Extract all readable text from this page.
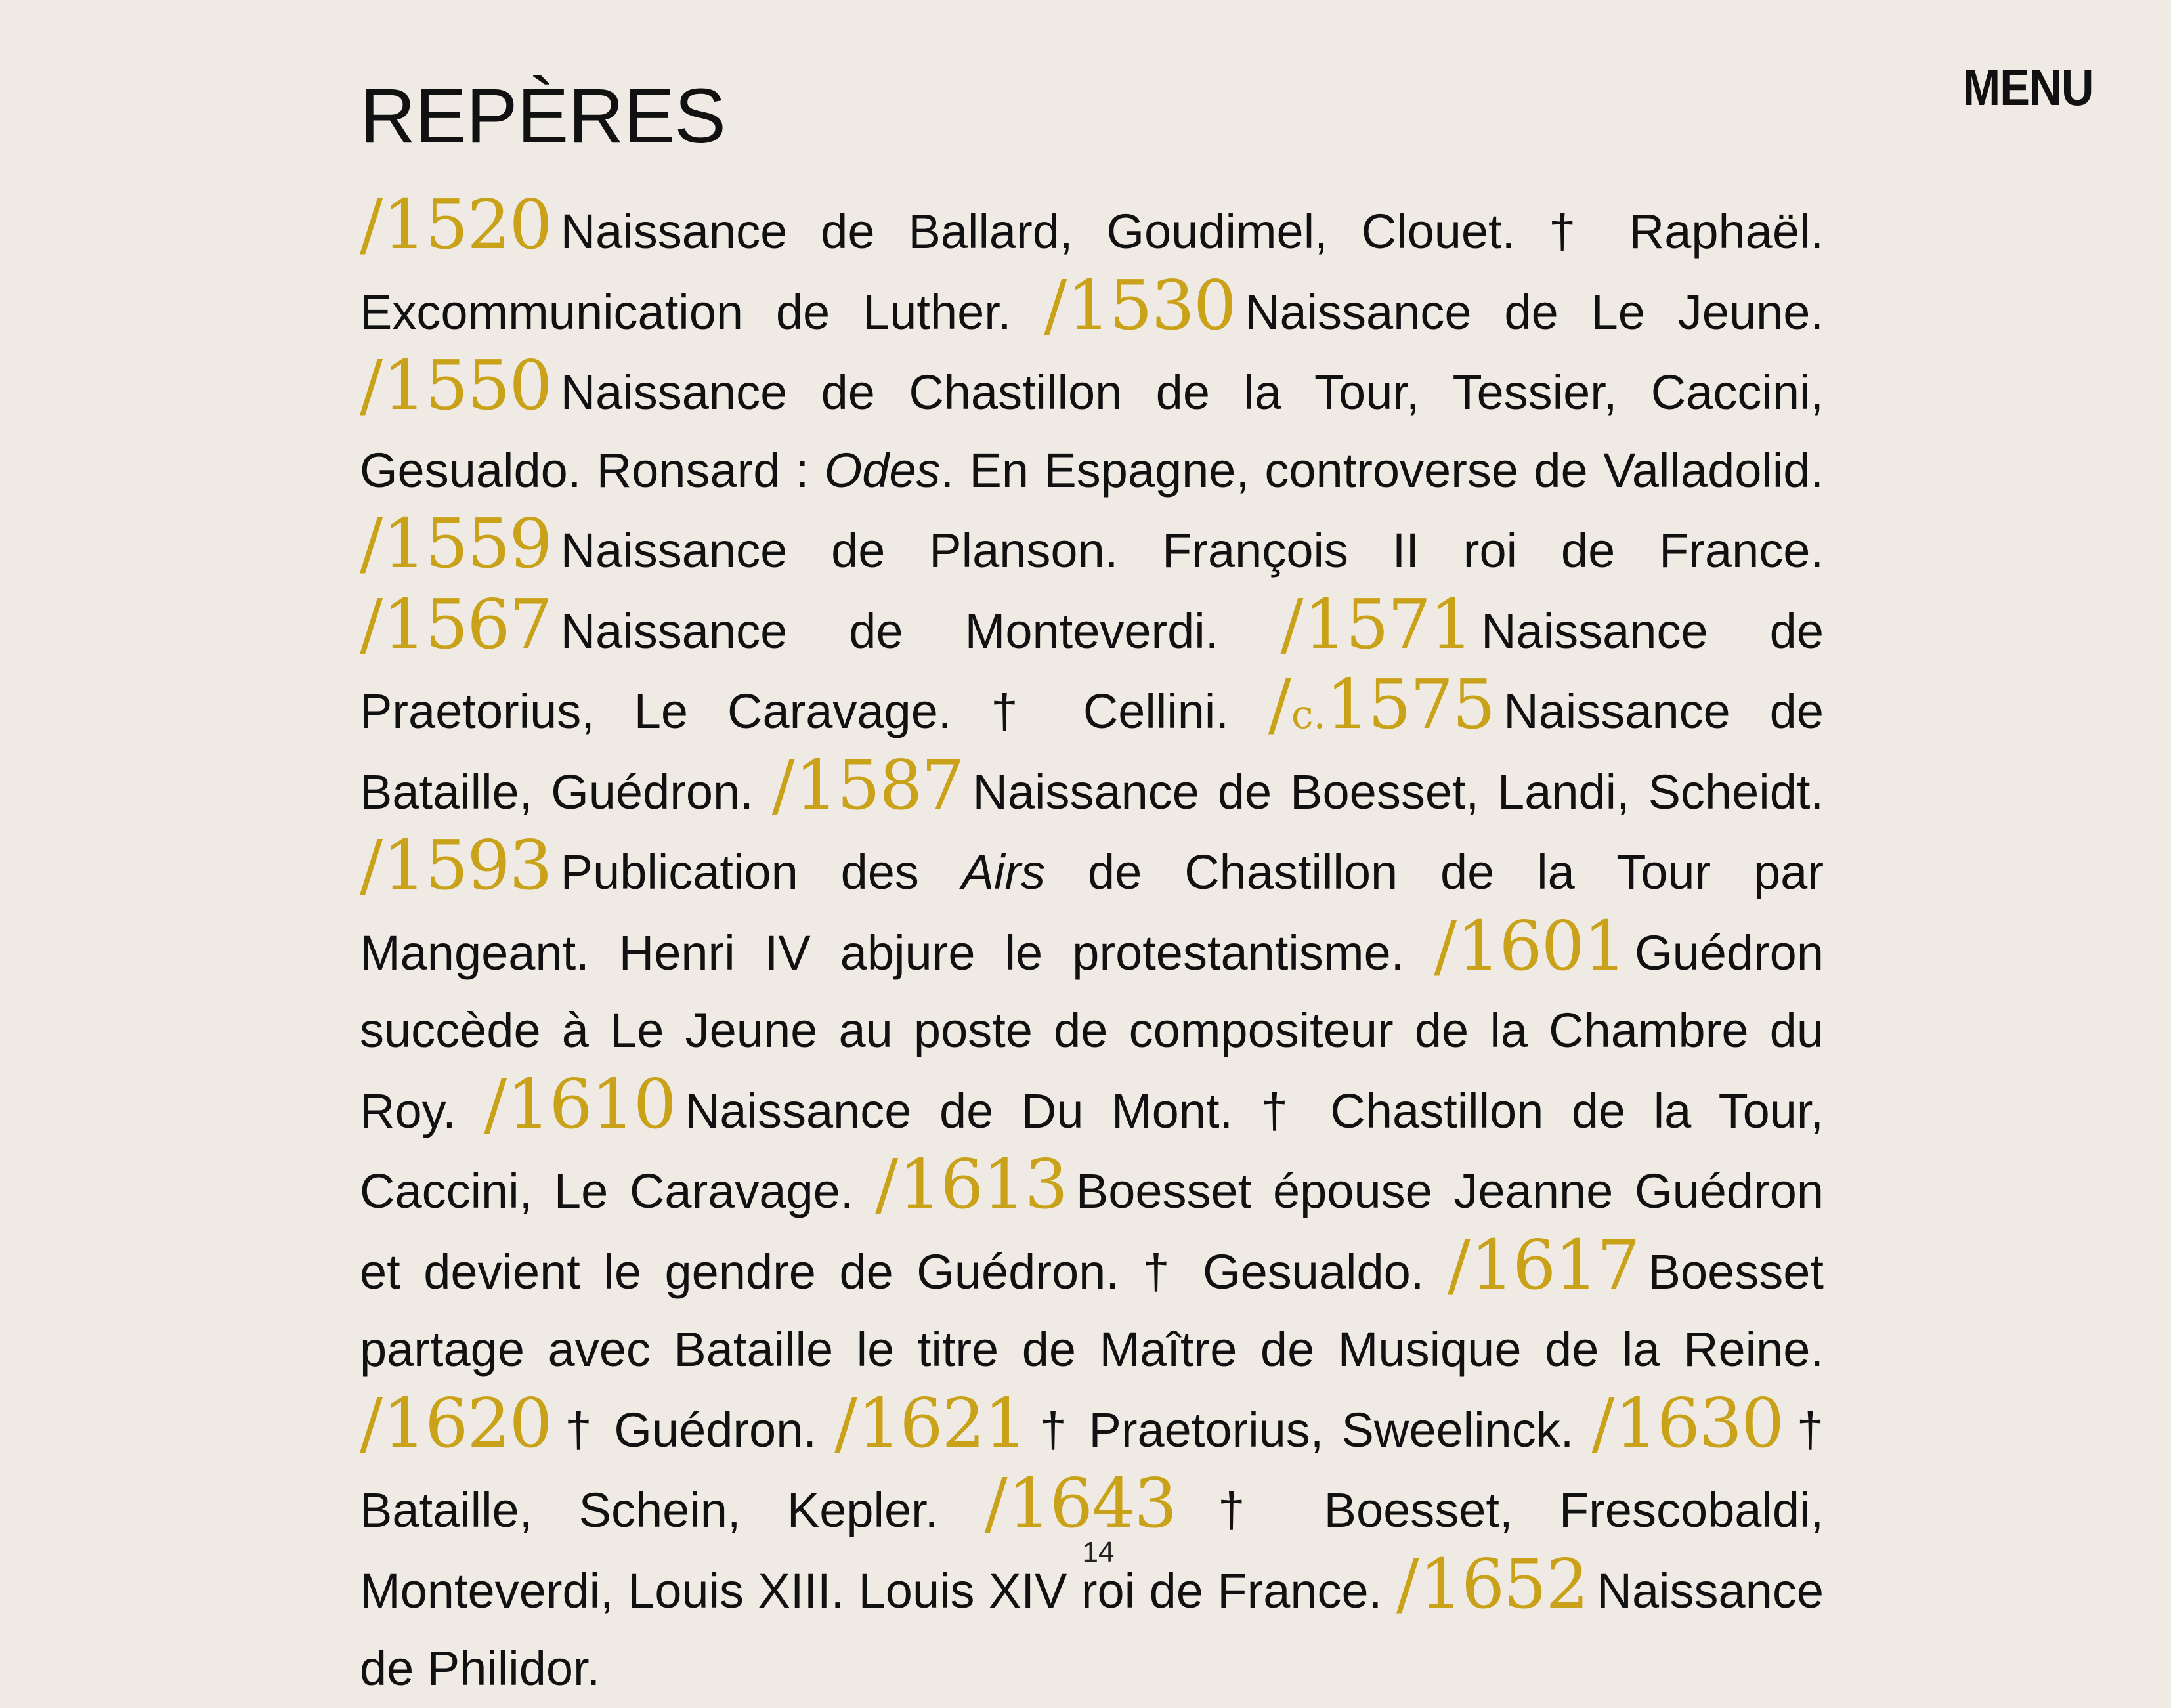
MENU
REPÈRES

/1520 Naissance de Ballard, Goudimel, Clouet. † Raphaël. Excommunication de Luther. /1530 Naissance de Le Jeune. /1550 Naissance de Chastillon de la Tour, Tessier, Caccini, Gesualdo. Ronsard : Odes. En Espagne, controverse de Valladolid. /1559 Naissance de Planson. François II roi de France. /1567 Naissance de Monteverdi. /1571 Naissance de Praetorius, Le Caravage. † Cellini. /c.1575 Naissance de Bataille, Guédron. /1587 Naissance de Boesset, Landi, Scheidt. /1593 Publication des Airs de Chastillon de la Tour par Mangeant. Henri IV abjure le protestantisme. /1601 Guédron succède à Le Jeune au poste de compositeur de la Chambre du Roy. /1610 Naissance de Du Mont. † Chastillon de la Tour, Caccini, Le Caravage. /1613 Boesset épouse Jeanne Guédron et devient le gendre de Guédron. † Gesualdo. /1617 Boesset partage avec Bataille le titre de Maître de Musique de la Reine. /1620 † Guédron. /1621 † Praetorius, Sweelinck. /1630 † Bataille, Schein, Kepler. /1643 † Boesset, Frescobaldi, Monteverdi, Louis XIII. Louis XIV roi de France. /1652 Naissance de Philidor.

14
